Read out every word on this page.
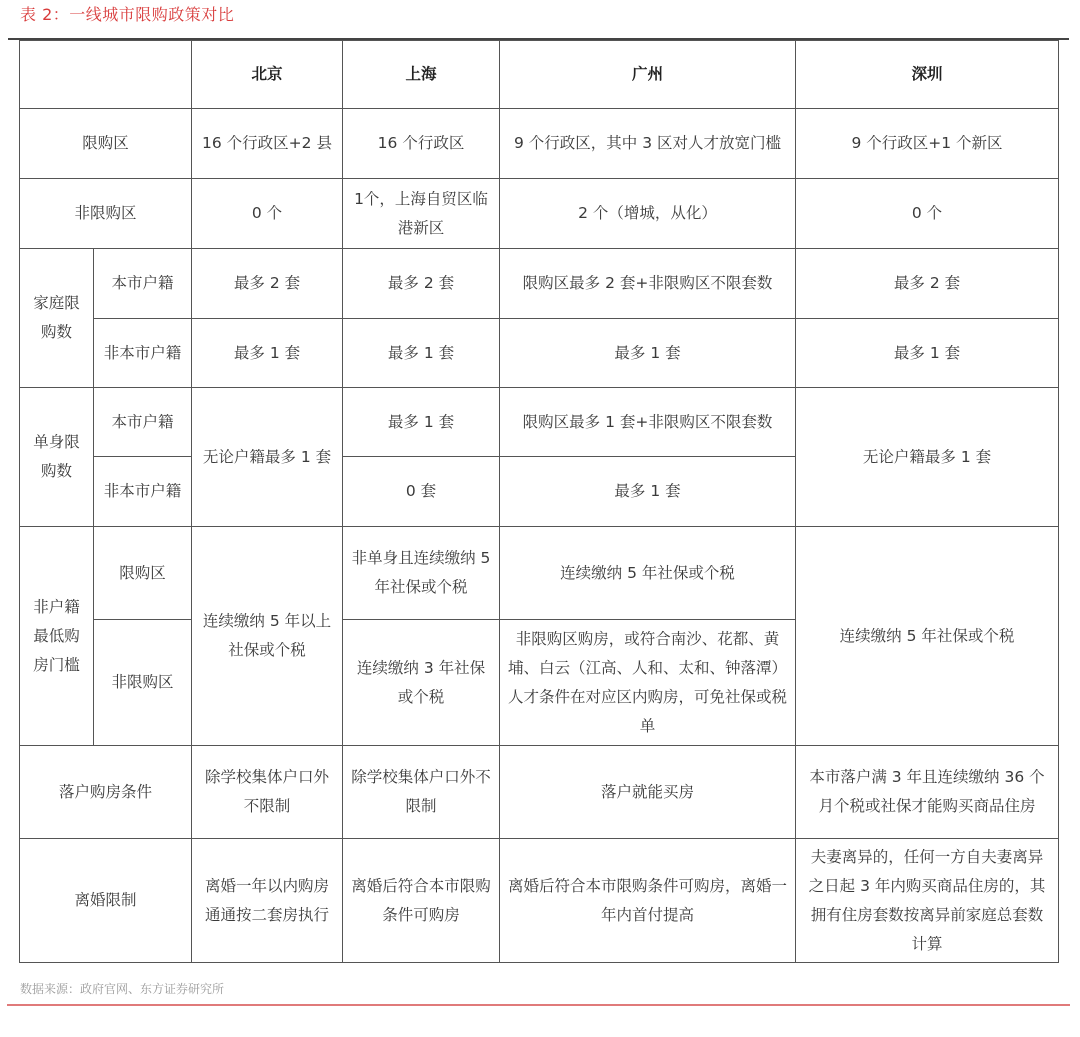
表 2：一线城市限购政策对比
		北京	上海	广州	深圳
限购区		16 个行政区+2 县	16 个行政区	9 个行政区，其中 3 区对人才放宽门槛	9 个行政区+1 个新区
非限购区		0 个	1个，上海自贸区临港新区	2 个（增城，从化）	0 个
家庭限购数	本市户籍	最多 2 套	最多 2 套	限购区最多 2 套+非限购区不限套数	最多 2 套
	非本市户籍	最多 1 套	最多 1 套	最多 1 套	最多 1 套
单身限购数	本市户籍	无论户籍最多 1 套	最多 1 套	限购区最多 1 套+非限购区不限套数	无论户籍最多 1 套
	非本市户籍		0 套	最多 1 套	
非户籍最低购房门槛	限购区	连续缴纳 5 年以上社保或个税	非单身且连续缴纳 5 年社保或个税	连续缴纳 5 年社保或个税	连续缴纳 5 年社保或个税
	非限购区		连续缴纳 3 年社保或个税	非限购区购房，或符合南沙、花都、黄埔、白云（江高、人和、太和、钟落潭）人才条件在对应区内购房，可免社保或税单	
落户购房条件		除学校集体户口外不限制	除学校集体户口外不限制	落户就能买房	本市落户满 3 年且连续缴纳 36 个月个税或社保才能购买商品住房
离婚限制		离婚一年以内购房通通按二套房执行	离婚后符合本市限购条件可购房	离婚后符合本市限购条件可购房，离婚一年内首付提高	夫妻离异的，任何一方自夫妻离异之日起 3 年内购买商品住房的，其拥有住房套数按离异前家庭总套数计算
数据来源：政府官网、东方证券研究所
